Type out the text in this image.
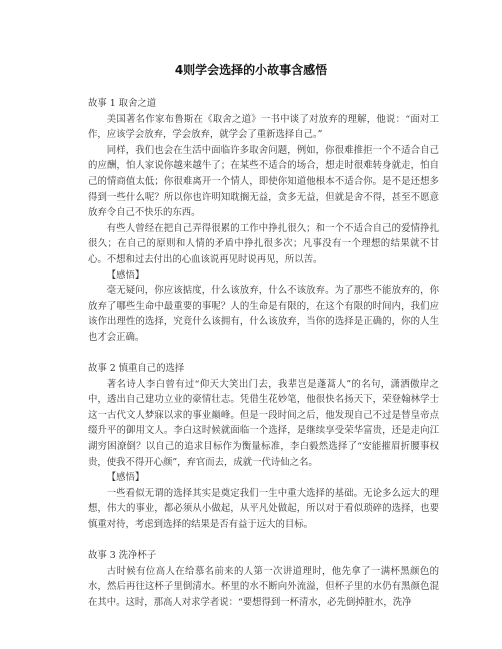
4则学会选择的小故事含感悟

故事 1 取舍之道

美国著名作家布鲁斯在《取舍之道》一书中谈了对放弃的理解，他说：“面对工作，应该学会放弃，学会放弃，就学会了重新选择自己。”

同样，我们也会在生活中面临许多取舍问题，例如，你很难推拒一个不适合自己的应酬，怕人家说你越来越牛了；在某些不适合的场合，想走时很难转身就走，怕自己的情商值太低；你很难离开一个情人，即使你知道他根本不适合你。是不是还想多得到一些什么呢？所以你也许明知耽搁无益，贪多无益，但就是舍不得，甚至不愿意放弃令自己不快乐的东西。

有些人曾经在把自己弄得很累的工作中挣扎很久；和一个不适合自己的爱情挣扎很久；在自己的原则和人情的矛盾中挣扎很多次；凡事没有一个理想的结果就不甘心。不想和过去付出的心血该说再见时说再见，所以苦。

【感悟】

毫无疑问，你应该掂度，什么该放弃，什么不该放弃。为了那些不能放弃的，你放弃了哪些生命中最重要的事呢？人的生命是有限的，在这个有限的时间内，我们应该作出理性的选择，究竟什么该拥有，什么该放弃，当你的选择是正确的，你的人生也才会正确。

故事 2 慎重自己的选择

著名诗人李白曾有过“仰天大笑出门去，我辈岂是蓬蒿人”的名句，潇洒傲岸之中，透出自己建功立业的豪情壮志。凭借生花妙笔，他很快名扬天下，荣登翰林学士这一古代文人梦寐以求的事业巅峰。但是一段时间之后，他发现自己不过是替皇帝点缀升平的御用文人。李白这时候就面临一个选择，是继续享受荣华富贵，还是走向江湖穷困潦倒？以自己的追求目标作为衡量标准，李白毅然选择了“安能摧眉折腰事权贵，使我不得开心颜”，弃官而去，成就一代诗仙之名。

【感悟】

一些看似无谓的选择其实是奠定我们一生中重大选择的基础。无论多么远大的理想，伟大的事业，都必须从小做起，从平凡处做起，所以对于看似琐碎的选择，也要慎重对待，考虑到选择的结果是否有益于远大的目标。

故事 3 洗净杯子

古时候有位高人在给慕名前来的人第一次讲道理时，他先拿了一满杯黑颜色的水，然后再往这杯子里倒清水。杯里的水不断向外流溢，但杯子里的水仍有黑颜色混在其中。这时，那高人对求学者说：“要想得到一杯清水，必先倒掉脏水，洗净
